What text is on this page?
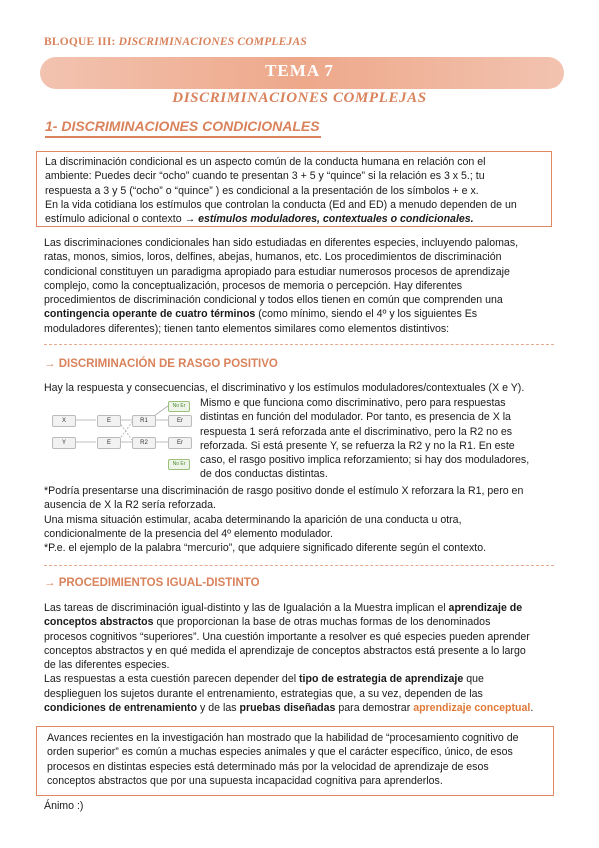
BLOQUE III: DISCRIMINACIONES COMPLEJAS
TEMA 7
DISCRIMINACIONES COMPLEJAS
1- DISCRIMINACIONES CONDICIONALES

La discriminación condicional es un aspecto común de la conducta humana en relación con el

ambiente: Puedes decir “ocho” cuando te presentan 3 + 5 y “quince” si la relación es 3 x 5.; tu

respuesta a 3 y 5 (“ocho” o “quince” ) es condicional a la presentación de los símbolos + e x.

En la vida cotidiana los estímulos que controlan la conducta (Ed and ED) a menudo dependen de un

estímulo adicional o contexto → estímulos moduladores, contextuales o condicionales.

Las discriminaciones condicionales han sido estudiadas en diferentes especies, incluyendo palomas,

ratas, monos, simios, loros, delfines, abejas, humanos, etc. Los procedimientos de discriminación

condicional constituyen un paradigma apropiado para estudiar numerosos procesos de aprendizaje

complejo, como la conceptualización, procesos de memoria o percepción. Hay diferentes

procedimientos de discriminación condicional y todos ellos tienen en común que comprenden una

contingencia operante de cuatro términos (como mínimo, siendo el 4º y los siguientes Es

moduladores diferentes); tienen tanto elementos similares como elementos distintivos:

→ DISCRIMINACIÓN DE RASGO POSITIVO
Hay la respuesta y consecuencias, el discriminativo y los estímulos moduladores/contextuales (X e Y).
X	E	R1	Er
No Er
Y	E	R2	Er
No Er

Mismo e que funciona como discriminativo, pero para respuestas

distintas en función del modulador. Por tanto, es presencia de X la

respuesta 1 será reforzada ante el discriminativo, pero la R2 no es

reforzada. Si está presente Y, se refuerza la R2 y no la R1. En este

caso, el rasgo positivo implica reforzamiento; si hay dos moduladores,

de dos conductas distintas.

*Podría presentarse una discriminación de rasgo positivo donde el estímulo X reforzara la R1, pero en

ausencia de X la R2 sería reforzada.

Una misma situación estimular, acaba determinando la aparición de una conducta u otra,

condicionalmente de la presencia del 4º elemento modulador.

*P.e. el ejemplo de la palabra “mercurio”, que adquiere significado diferente según el contexto.

→ PROCEDIMIENTOS IGUAL-DISTINTO

Las tareas de discriminación igual-distinto y las de Igualación a la Muestra implican el aprendizaje de

conceptos abstractos que proporcionan la base de otras muchas formas de los denominados

procesos cognitivos “superiores”. Una cuestión importante a resolver es qué especies pueden aprender

conceptos abstractos y en qué medida el aprendizaje de conceptos abstractos está presente a lo largo

de las diferentes especies.

Las respuestas a esta cuestión parecen depender del tipo de estrategia de aprendizaje que

desplieguen los sujetos durante el entrenamiento, estrategias que, a su vez, dependen de las

condiciones de entrenamiento y de las pruebas diseñadas para demostrar aprendizaje conceptual.

Avances recientes en la investigación han mostrado que la habilidad de “procesamiento cognitivo de

orden superior” es común a muchas especies animales y que el carácter específico, único, de esos

procesos en distintas especies está determinado más por la velocidad de aprendizaje de esos

conceptos abstractos que por una supuesta incapacidad cognitiva para aprenderlos.

Ánimo :)
